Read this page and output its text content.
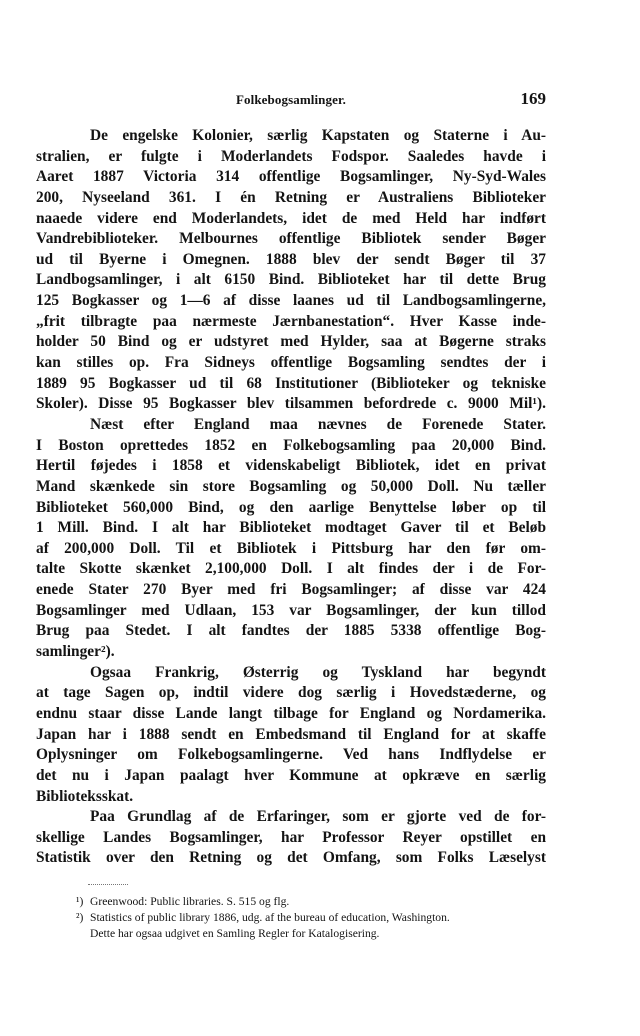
Folkebogsamlinger.	169
De engelske Kolonier, særlig Kapstaten og Staterne i Au-
stralien, er fulgte i Moderlandets Fodspor. Saaledes havde i
Aaret 1887 Victoria 314 offentlige Bogsamlinger, Ny-Syd-Wales
200, Nyseeland 361. I én Retning er Australiens Biblioteker
naaede videre end Moderlandets, idet de med Held har indført
Vandrebiblioteker. Melbournes offentlige Bibliotek sender Bøger
ud til Byerne i Omegnen. 1888 blev der sendt Bøger til 37
Landbogsamlinger, i alt 6150 Bind. Biblioteket har til dette Brug
125 Bogkasser og 1—6 af disse laanes ud til Landbogsamlingerne,
„frit tilbragte paa nærmeste Jærnbanestation“. Hver Kasse inde-
holder 50 Bind og er udstyret med Hylder, saa at Bøgerne straks
kan stilles op. Fra Sidneys offentlige Bogsamling sendtes der i
1889 95 Bogkasser ud til 68 Institutioner (Biblioteker og tekniske
Skoler). Disse 95 Bogkasser blev tilsammen befordrede c. 9000 Mil¹).
Næst efter England maa nævnes de Forenede Stater.
I Boston oprettedes 1852 en Folkebogsamling paa 20,000 Bind.
Hertil føjedes i 1858 et videnskabeligt Bibliotek, idet en privat
Mand skænkede sin store Bogsamling og 50,000 Doll. Nu tæller
Biblioteket 560,000 Bind, og den aarlige Benyttelse løber op til
1 Mill. Bind. I alt har Biblioteket modtaget Gaver til et Beløb
af 200,000 Doll. Til et Bibliotek i Pittsburg har den før om-
talte Skotte skænket 2,100,000 Doll. I alt findes der i de For-
enede Stater 270 Byer med fri Bogsamlinger; af disse var 424
Bogsamlinger med Udlaan, 153 var Bogsamlinger, der kun tillod
Brug paa Stedet. I alt fandtes der 1885 5338 offentlige Bog-
samlinger²).
Ogsaa Frankrig, Østerrig og Tyskland har begyndt
at tage Sagen op, indtil videre dog særlig i Hovedstæderne, og
endnu staar disse Lande langt tilbage for England og Nordamerika.
Japan har i 1888 sendt en Embedsmand til England for at skaffe
Oplysninger om Folkebogsamlingerne. Ved hans Indflydelse er
det nu i Japan paalagt hver Kommune at opkræve en særlig
Biblioteksskat.
Paa Grundlag af de Erfaringer, som er gjorte ved de for-
skellige Landes Bogsamlinger, har Professor Reyer opstillet en
Statistik over den Retning og det Omfang, som Folks Læselyst
¹) Greenwood: Public libraries. S. 515 og flg.
²) Statistics of public library 1886, udg. af the bureau of education, Washington.
Dette har ogsaa udgivet en Samling Regler for Katalogisering.
